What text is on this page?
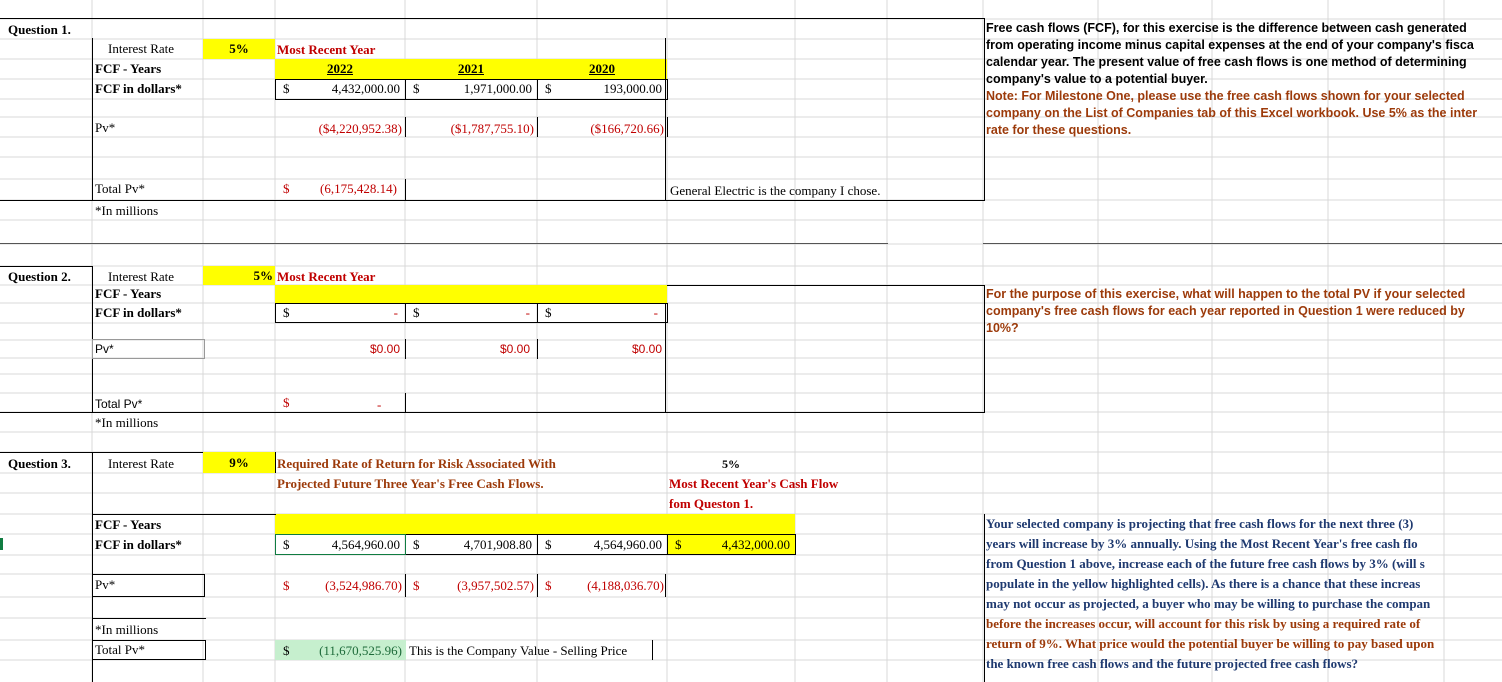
Question 1.
Interest Rate	5%	Most Recent Year
FCF - Years	2022	2021	2020
FCF in dollars*	$	4,432,000.00 $	1,971,000.00 $	193,000.00
Pv*	($4,220,952.38)	($1,787,755.10)	($166,720.66)
Total Pv*	$ (6,175,428.14)	General Electric is the company I chose.
*In millions
Free cash flows (FCF), for this exercise is the difference between cash generated
from operating income minus capital expenses at the end of your company's fisca
calendar year. The present value of free cash flows is one method of determining
company's value to a potential buyer.
Note: For Milestone One, please use the free cash flows shown for your selected
company on the List of Companies tab of this Excel workbook. Use 5% as the inter
rate for these questions.
Question 2.	Interest Rate	5% Most Recent Year
FCF - Years
FCF in dollars*	$	- $	- $	-
Pv*	$0.00	$0.00	$0.00
Total Pv*	$	-
*In millions
For the purpose of this exercise, what will happen to the total PV if your selected
company's free cash flows for each year reported in Question 1 were reduced by
10%?
Question 3.	Interest Rate	9%	Required Rate of Return for Risk Associated With
Projected Future Three Year's Free Cash Flows.
5%
Most Recent Year's Cash Flow
fom Queston 1.
FCF - Years
FCF in dollars*	$	4,564,960.00 $	4,701,908.80 $	4,564,960.00 $	4,432,000.00
Pv*	$	(3,524,986.70) $	(3,957,502.57) $	(4,188,036.70)
*In millions
Total Pv*	$	(11,670,525.96) This is the Company Value - Selling Price
Your selected company is projecting that free cash flows for the next three (3)
years will increase by 3% annually. Using the Most Recent Year's free cash flo
from Question 1 above, increase each of the future free cash flows by 3% (will s
populate in the yellow highlighted cells). As there is a chance that these increas
may not occur as projected, a buyer who may be willing to purchase the compan
before the increases occur, will account for this risk by using a required rate of
return of 9%. What price would the potential buyer be willing to pay based upon
the known free cash flows and the future projected free cash flows?
